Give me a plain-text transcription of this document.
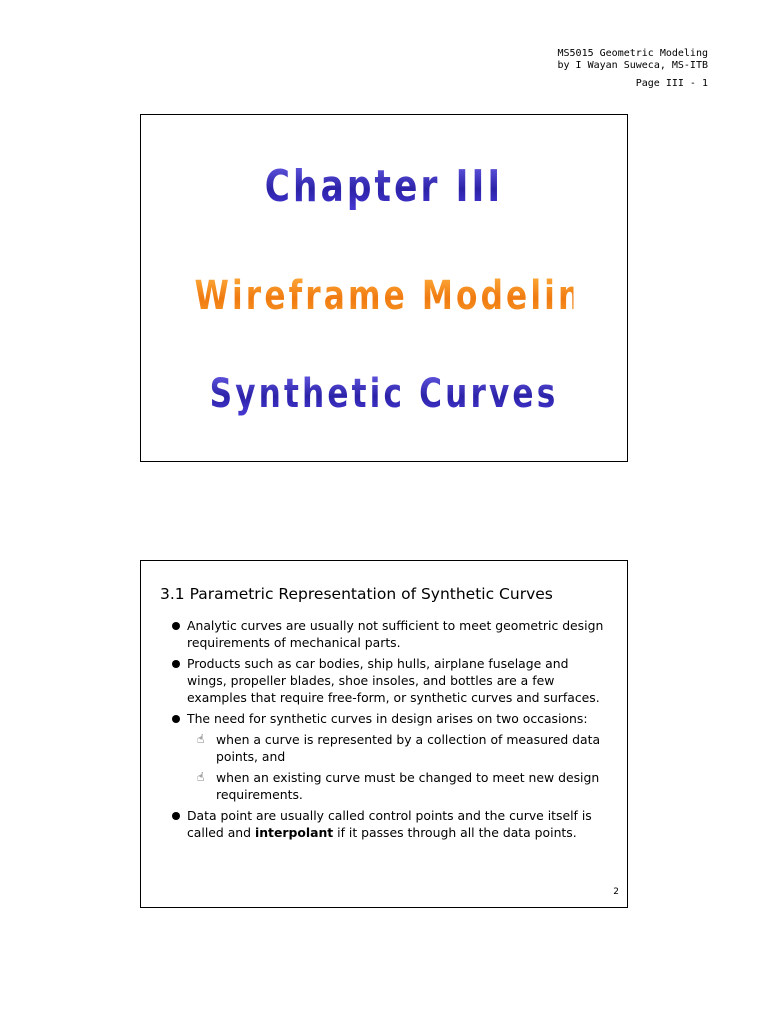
MS5015 Geometric Modeling
by I Wayan Suweca, MS-ITB
Page III - 1
Chapter III
Wireframe Modeling:
Synthetic Curves
3.1 Parametric Representation of Synthetic Curves
Analytic curves are usually not sufficient to meet geometric design requirements of mechanical parts.
Products such as car bodies, ship hulls, airplane fuselage and wings, propeller blades, shoe insoles, and bottles are a few examples that require free-form, or synthetic curves and surfaces.
The need for synthetic curves in design arises on two occasions:
☝ when a curve is represented by a collection of measured data points, and
☝ when an existing curve must be changed to meet new design requirements.
Data point are usually called control points and the curve itself is called and interpolant if it passes through all the data points.
2
